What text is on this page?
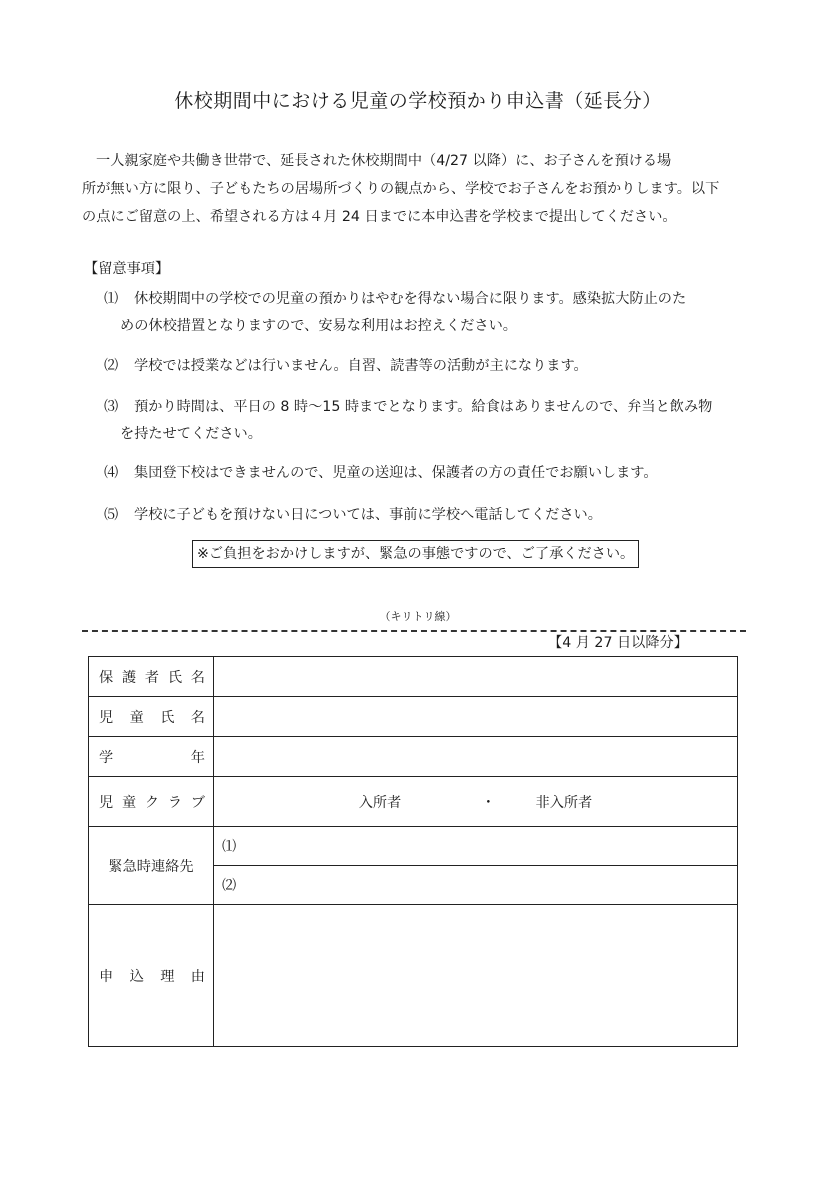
休校期間中における児童の学校預かり申込書（延長分）
一人親家庭や共働き世帯で、延長された休校期間中（4/27 以降）に、お子さんを預ける場
所が無い方に限り、子どもたちの居場所づくりの観点から、学校でお子さんをお預かりします。以下
の点にご留意の上、希望される方は４月 24 日までに本申込書を学校まで提出してください。
【留意事項】
⑴	休校期間中の学校での児童の預かりはやむを得ない場合に限ります。感染拡大防止のた
めの休校措置となりますので、安易な利用はお控えください。
⑵	学校では授業などは行いません。自習、読書等の活動が主になります。
⑶	預かり時間は、平日の 8 時～15 時までとなります。給食はありませんので、弁当と飲み物
を持たせてください。
⑷	集団登下校はできませんので、児童の送迎は、保護者の方の責任でお願いします。
⑸	学校に子どもを預けない日については、事前に学校へ電話してください。
※ご負担をおかけしますが、緊急の事態ですので、ご了承ください。
（キリトリ線）
【4 月 27 日以降分】
保 護 者 氏 名	

児 童 氏 名	

学 年	

児 童 ク ラ ブ	入所者 ・ 非入所者

緊急時連絡先	⑴
⑵

申 込 理 由	
